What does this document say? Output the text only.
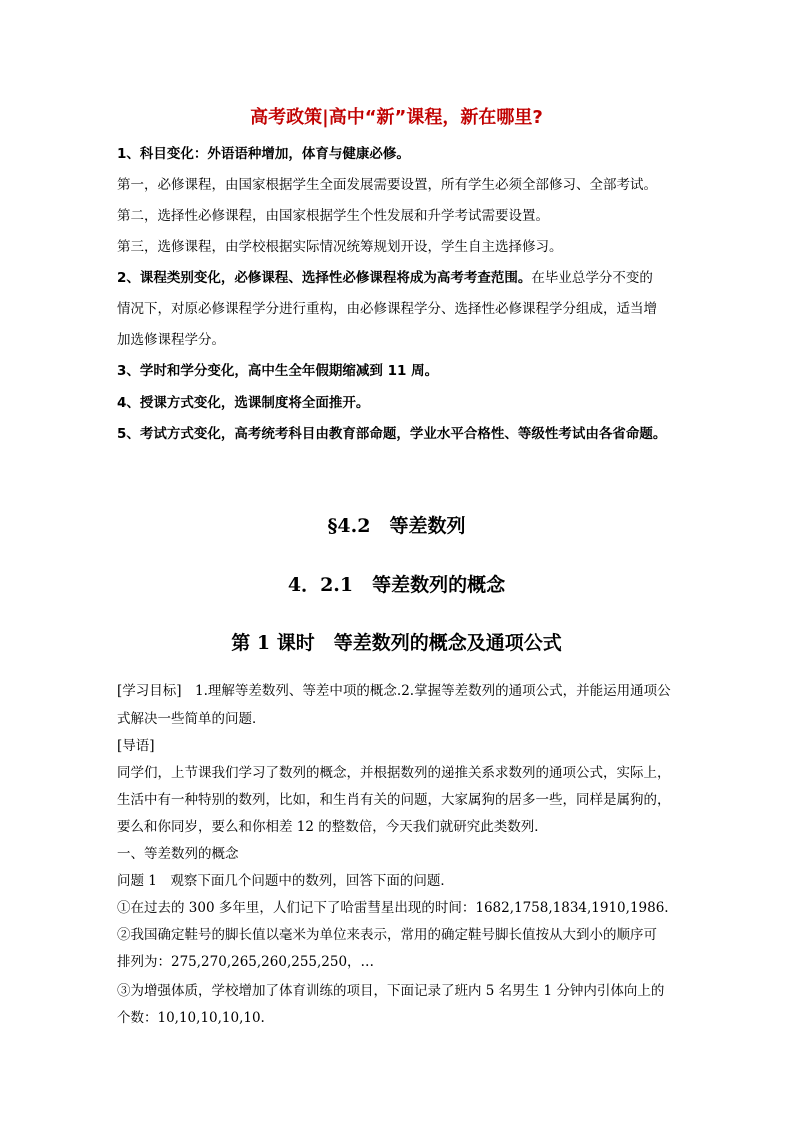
高考政策|高中“新”课程，新在哪里?
1、科目变化：外语语种增加，体育与健康必修。
第一，必修课程，由国家根据学生全面发展需要设置，所有学生必须全部修习、全部考试。
第二，选择性必修课程，由国家根据学生个性发展和升学考试需要设置。
第三，选修课程，由学校根据实际情况统筹规划开设，学生自主选择修习。
2、课程类别变化，必修课程、选择性必修课程将成为高考考查范围。在毕业总学分不变的
情况下，对原必修课程学分进行重构，由必修课程学分、选择性必修课程学分组成，适当增
加选修课程学分。
3、学时和学分变化，高中生全年假期缩减到 11 周。
4、授课方式变化，选课制度将全面推开。
5、考试方式变化，高考统考科目由教育部命题，学业水平合格性、等级性考试由各省命题。
§4.2　等差数列
4．2.1　等差数列的概念
第 1 课时　等差数列的概念及通项公式
[学习目标]　1.理解等差数列、等差中项的概念.2.掌握等差数列的通项公式，并能运用通项公
式解决一些简单的问题．
[导语]
同学们，上节课我们学习了数列的概念，并根据数列的递推关系求数列的通项公式，实际上，
生活中有一种特别的数列，比如，和生肖有关的问题，大家属狗的居多一些，同样是属狗的，
要么和你同岁，要么和你相差 12 的整数倍，今天我们就研究此类数列．
一、等差数列的概念
问题 1　观察下面几个问题中的数列，回答下面的问题．
①在过去的 300 多年里，人们记下了哈雷彗星出现的时间：1682,1758,1834,1910,1986.
②我国确定鞋号的脚长值以毫米为单位来表示，常用的确定鞋号脚长值按从大到小的顺序可
排列为：275,270,265,260,255,250，…
③为增强体质，学校增加了体育训练的项目，下面记录了班内 5 名男生 1 分钟内引体向上的
个数：10,10,10,10,10.
